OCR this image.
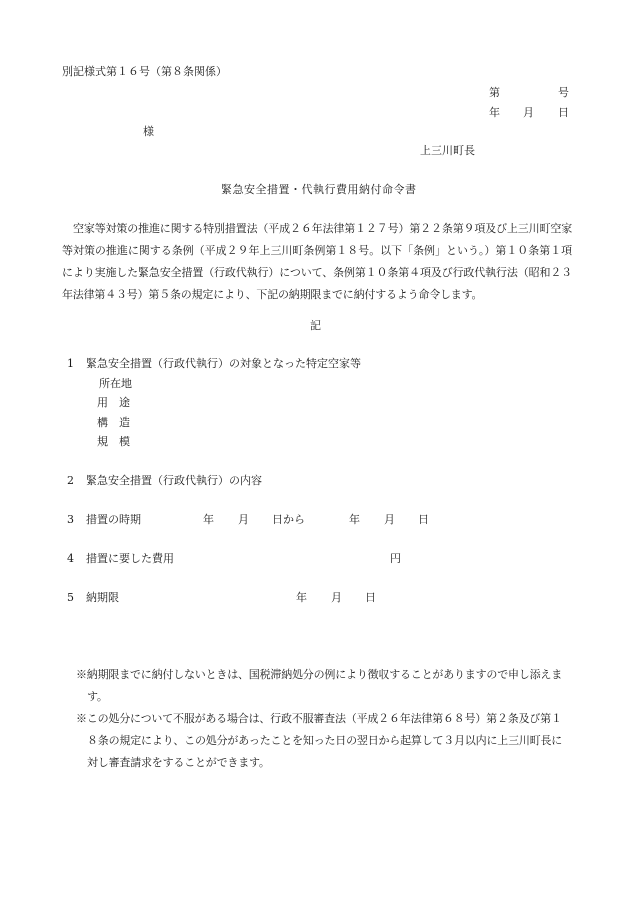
別記様式第１６号（第８条関係）
第	号
年 月 日
様
上三川町長
緊急安全措置・代執行費用納付命令書
空家等対策の推進に関する特別措置法（平成２６年法律第１２７号）第２２条第９項及び上三川町空家等対策の推進に関する条例（平成２９年上三川町条例第１８号。以下「条例」という。）第１０条第１項により実施した緊急安全措置（行政代執行）について、条例第１０条第４項及び行政代執行法（昭和２３年法律第４３号）第５条の規定により、下記の納期限までに納付するよう命令します。
記
1 緊急安全措置（行政代執行）の対象となった特定空家等
所在地
用　途
構　造
規　模
2 緊急安全措置（行政代執行）の内容
3 措置の時期	年 月 日から	年 月 日
4 措置に要した費用	円
5 納期限	年 月 日
※納期限までに納付しないときは、国税滞納処分の例により徴収することがありますので申し添えます。
※この処分について不服がある場合は、行政不服審査法（平成２６年法律第６８号）第２条及び第１８条の規定により、この処分があったことを知った日の翌日から起算して３月以内に上三川町長に対し審査請求をすることができます。
